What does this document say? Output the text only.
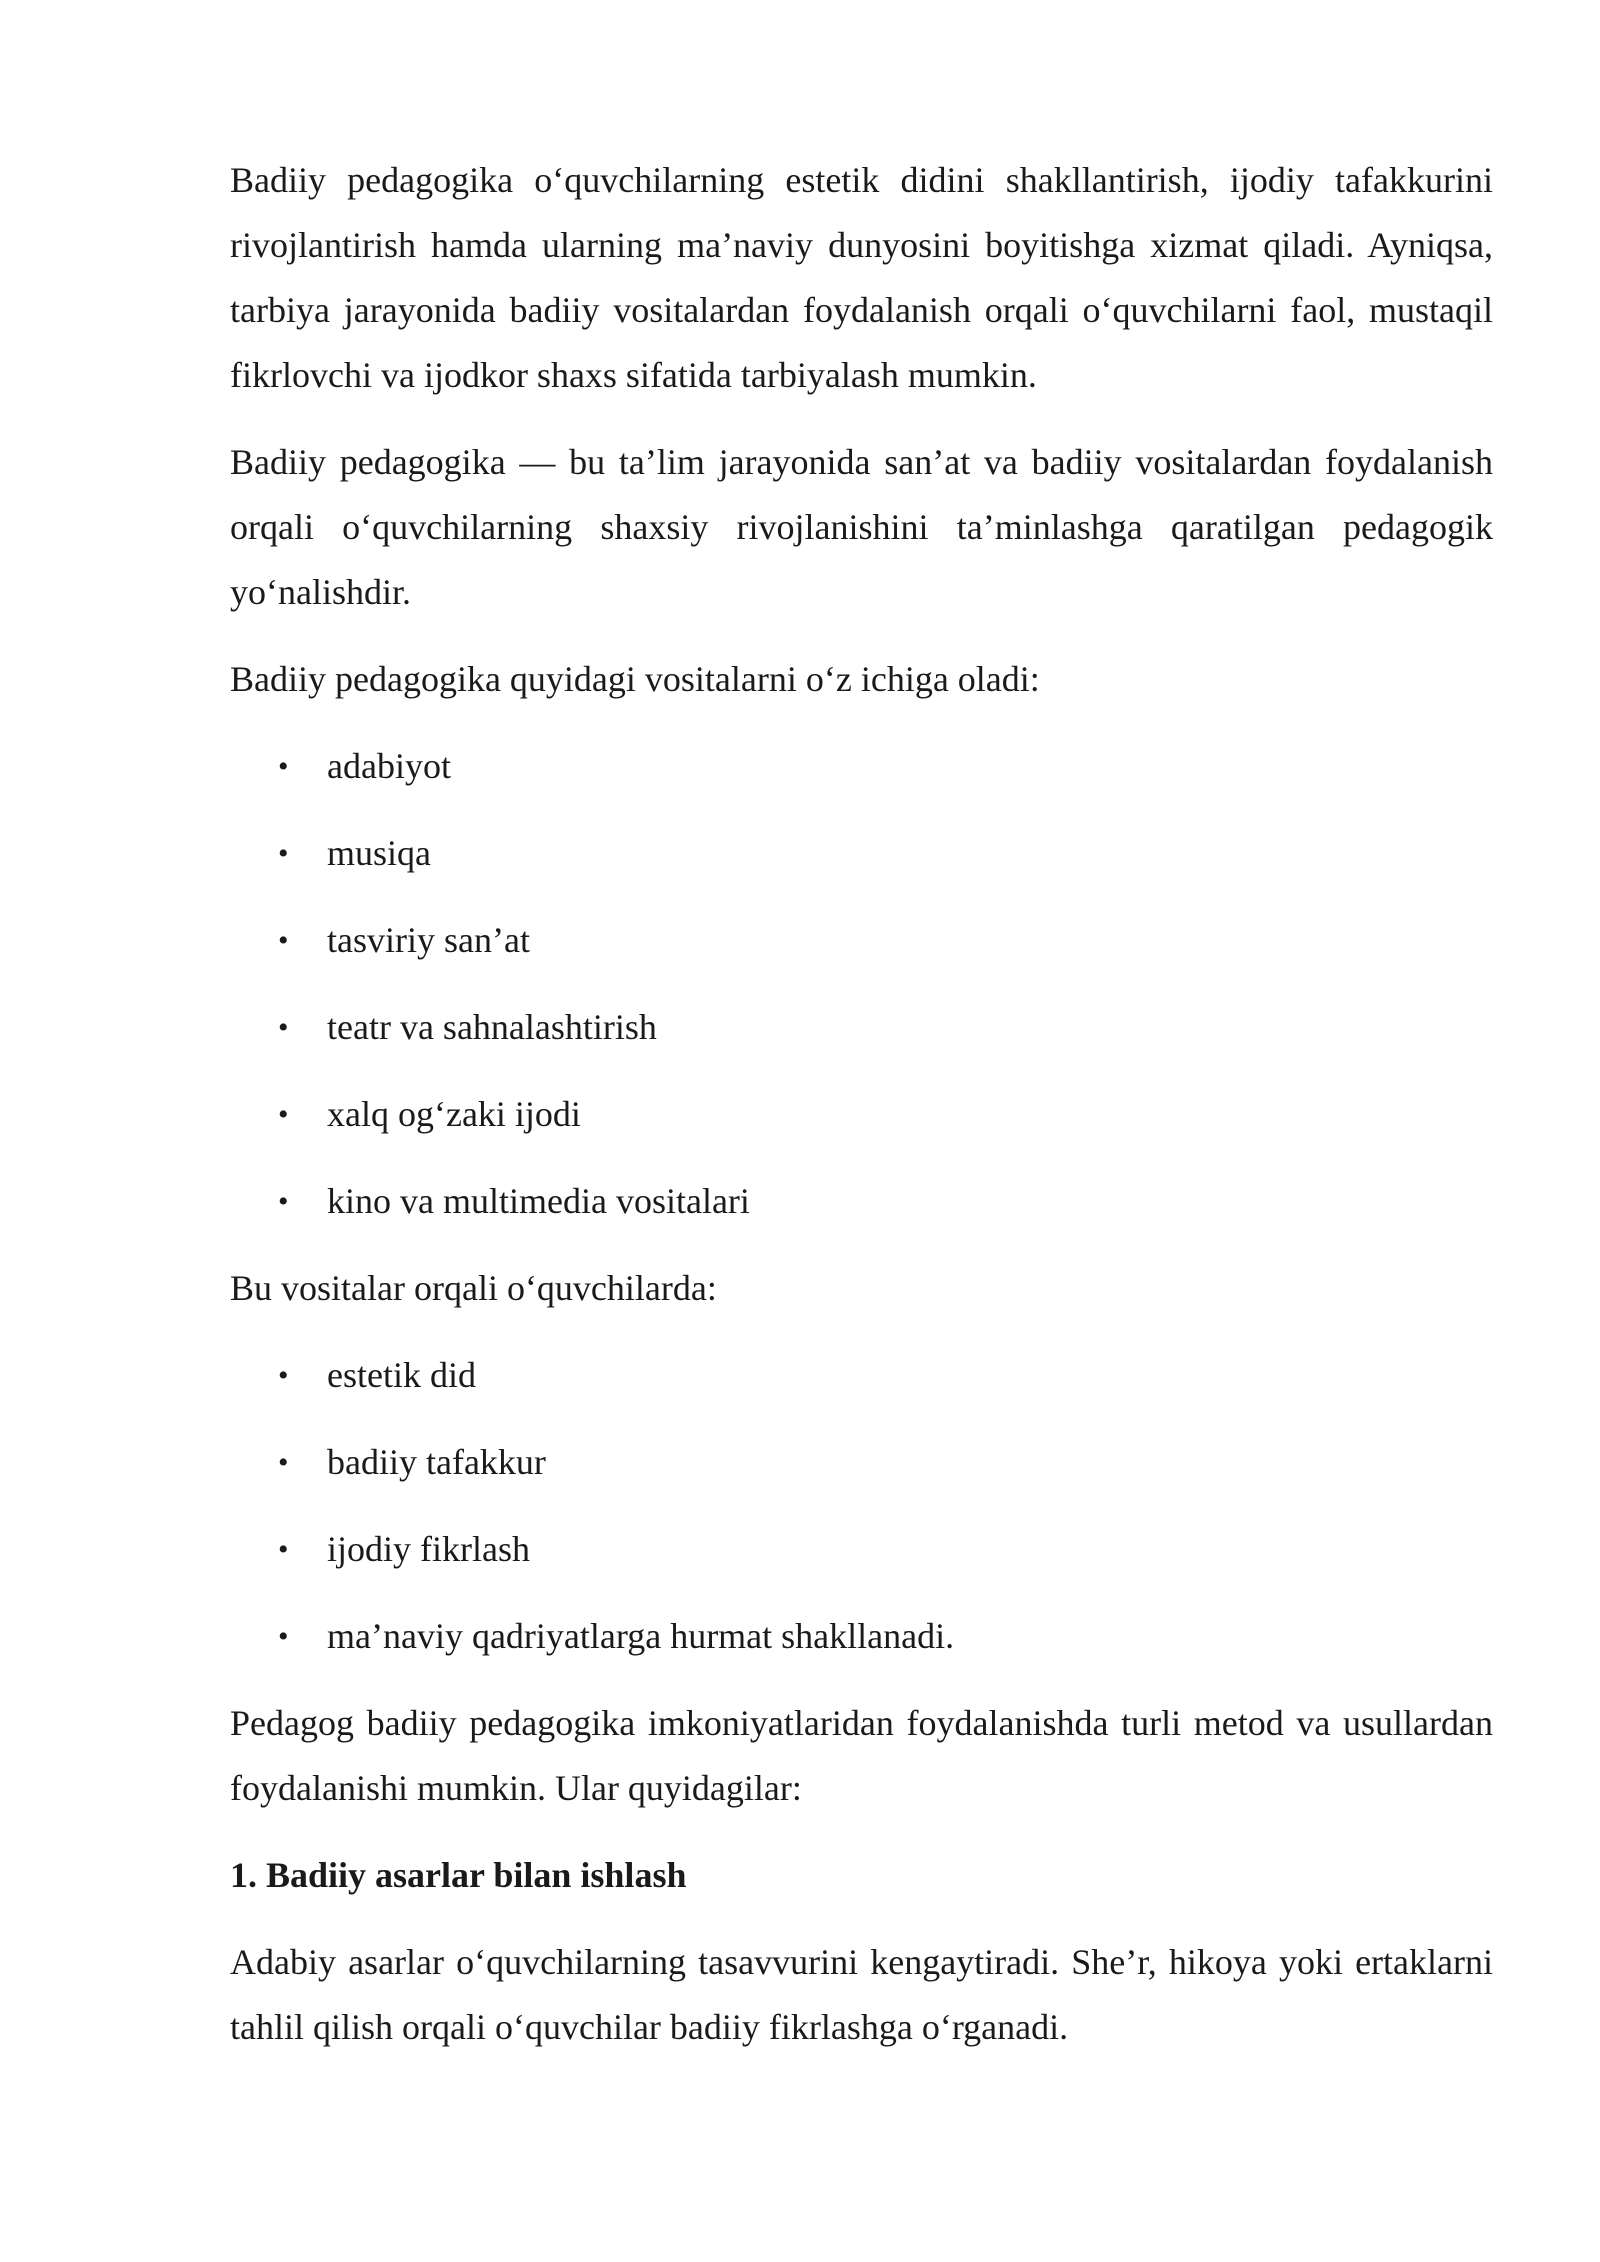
Badiiy pedagogika o‘quvchilarning estetik didini shakllantirish, ijodiy tafakkurini rivojlantirish hamda ularning ma’naviy dunyosini boyitishga xizmat qiladi. Ayniqsa, tarbiya jarayonida badiiy vositalardan foydalanish orqali o‘quvchilarni faol, mustaqil fikrlovchi va ijodkor shaxs sifatida tarbiyalash mumkin.

Badiiy pedagogika — bu ta’lim jarayonida san’at va badiiy vositalardan foydalanish orqali o‘quvchilarning shaxsiy rivojlanishini ta’minlashga qaratilgan pedagogik yo‘nalishdir.

Badiiy pedagogika quyidagi vositalarni o‘z ichiga oladi:

• adabiyot
• musiqa
• tasviriy san’at
• teatr va sahnalashtirish
• xalq og‘zaki ijodi
• kino va multimedia vositalari

Bu vositalar orqali o‘quvchilarda:

• estetik did
• badiiy tafakkur
• ijodiy fikrlash
• ma’naviy qadriyatlarga hurmat shakllanadi.

Pedagog badiiy pedagogika imkoniyatlaridan foydalanishda turli metod va usullardan foydalanishi mumkin. Ular quyidagilar:

1. Badiiy asarlar bilan ishlash

Adabiy asarlar o‘quvchilarning tasavvurini kengaytiradi. She’r, hikoya yoki ertaklarni tahlil qilish orqali o‘quvchilar badiiy fikrlashga o‘rganadi.
